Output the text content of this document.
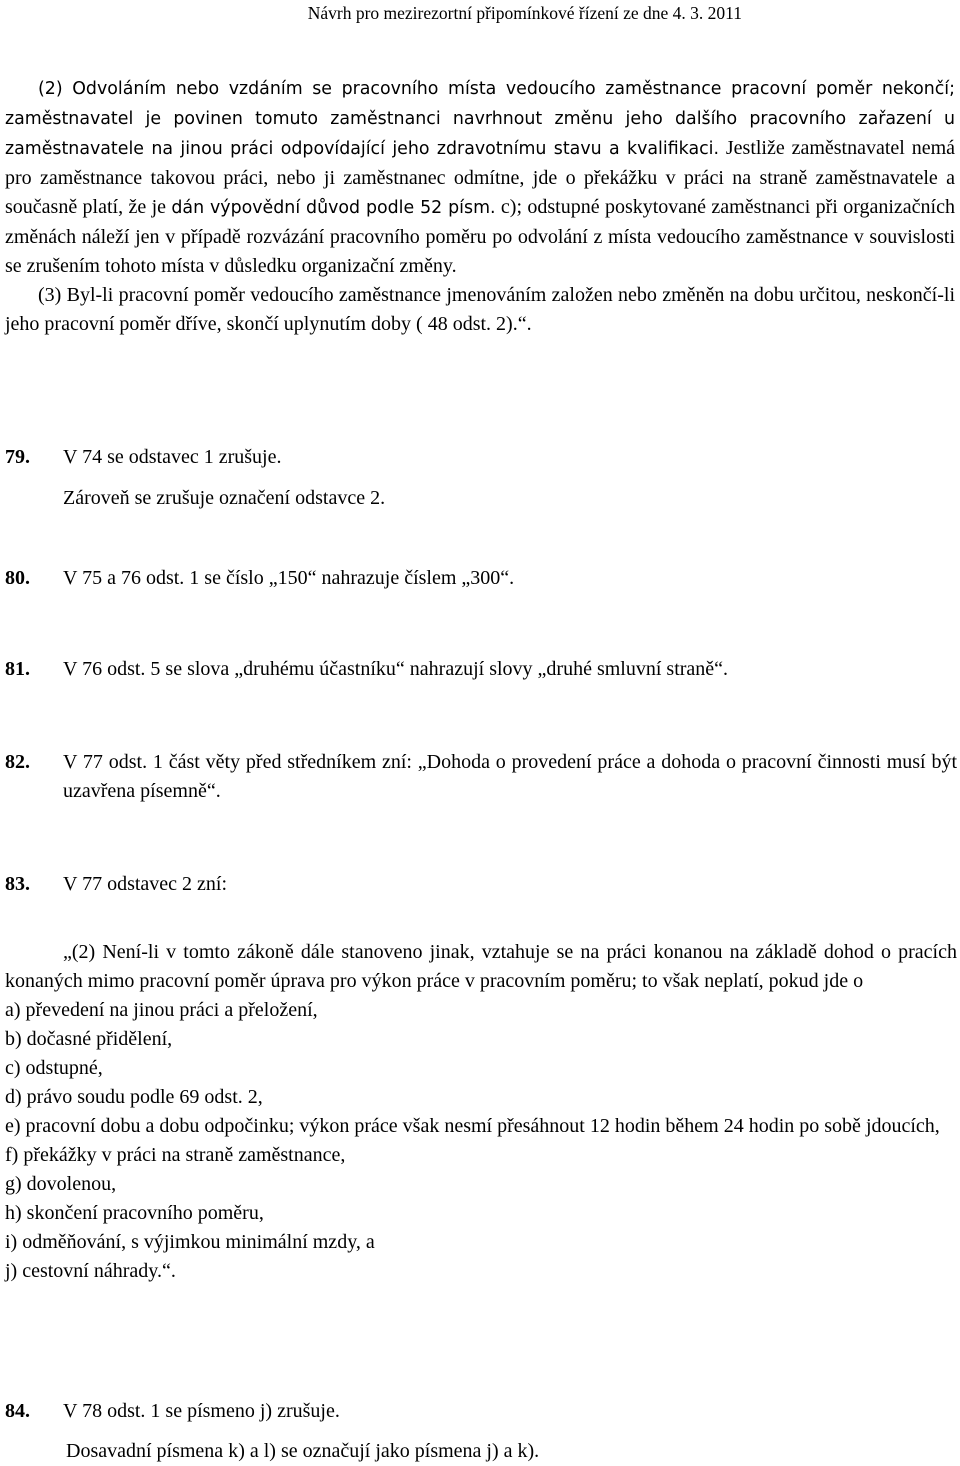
Návrh pro mezirezortní připomínkové řízení ze dne 4. 3. 2011

(2) Odvoláním nebo vzdáním se pracovního místa vedoucího zaměstnance pracovní poměr nekončí; zaměstnavatel je povinen tomuto zaměstnanci navrhnout změnu jeho dalšího pracovního zařazení u zaměstnavatele na jinou práci odpovídající jeho zdravotnímu stavu a kvalifikaci. Jestliže zaměstnavatel nemá pro zaměstnance takovou práci, nebo ji zaměstnanec odmítne, jde o překážku v práci na straně zaměstnavatele a současně platí, že je dán výpovědní důvod podle 52 písm. c); odstupné poskytované zaměstnanci při organizačních změnách náleží jen v případě rozvázání pracovního poměru po odvolání z místa vedoucího zaměstnance v souvislosti se zrušením tohoto místa v důsledku organizační změny.

(3) Byl-li pracovní poměr vedoucího zaměstnance jmenováním založen nebo změněn na dobu určitou, neskončí-li jeho pracovní poměr dříve, skončí uplynutím doby ( 48 odst. 2).“.

79. V 74 se odstavec 1 zrušuje.
Zároveň se zrušuje označení odstavce 2.
80. V 75 a 76 odst. 1 se číslo „150“ nahrazuje číslem „300“.
81. V 76 odst. 5 se slova „druhému účastníku“ nahrazují slovy „druhé smluvní straně“.
82. V 77 odst. 1 část věty před středníkem zní: „Dohoda o provedení práce a dohoda o pracovní činnosti musí být uzavřena písemně“.
83. V 77 odstavec 2 zní:

„(2) Není-li v tomto zákoně dále stanoveno jinak, vztahuje se na práci konanou na základě dohod o pracích konaných mimo pracovní poměr úprava pro výkon práce v pracovním poměru; to však neplatí, pokud jde o

a) převedení na jinou práci a přeložení,

b) dočasné přidělení,

c) odstupné,

d) právo soudu podle 69 odst. 2,

e) pracovní dobu a dobu odpočinku; výkon práce však nesmí přesáhnout 12 hodin během 24 hodin po sobě jdoucích,

f) překážky v práci na straně zaměstnance,

g) dovolenou,

h) skončení pracovního poměru,

i) odměňování, s výjimkou minimální mzdy, a

j) cestovní náhrady.“.

84. V 78 odst. 1 se písmeno j) zrušuje.
Dosavadní písmena k) a l) se označují jako písmena j) a k).
